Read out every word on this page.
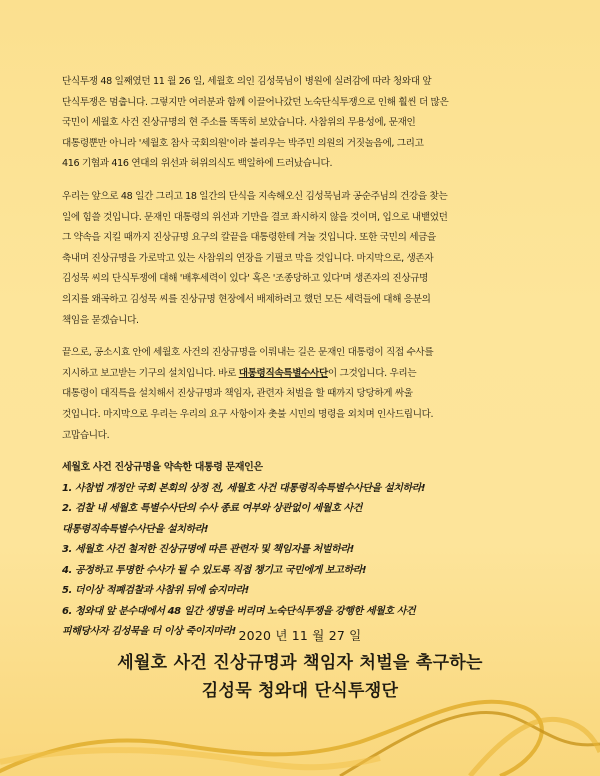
단식투쟁 48 일째였던 11 월 26 일, 세월호 의인 김성묵님이 병원에 실려감에 따라 청와대 앞
단식투쟁은 멈춥니다. 그렇지만 여러분과 함께 이끌어나갔던 노숙단식투쟁으로 인해 훨씬 더 많은
국민이 세월호 사건 진상규명의 현 주소를 똑똑히 보았습니다. 사참위의 무용성에, 문재인
대통령뿐만 아니라 '세월호 참사 국회의원'이라 불리우는 박주민 의원의 거짓놀음에, 그리고
416 기협과 416 연대의 위선과 허위의식도 백일하에 드러났습니다.

우리는 앞으로 48 일간 그리고 18 일간의 단식을 지속해오신 김성묵님과 공순주님의 건강을 찾는
일에 힘쓸 것입니다. 문재인 대통령의 위선과 기만을 결코 좌시하지 않을 것이며, 입으로 내뱉었던
그 약속을 지킬 때까지 진상규명 요구의 칼끝을 대통령한테 겨눌 것입니다. 또한 국민의 세금을
축내며 진상규명을 가로막고 있는 사참위의 연장을 기필코 막을 것입니다. 마지막으로, 생존자
김성묵 씨의 단식투쟁에 대해 '배후세력이 있다' 혹은 '조종당하고 있다'며 생존자의 진상규명
의지를 왜곡하고 김성묵 씨를 진상규명 현장에서 배제하려고 했던 모든 세력들에 대해 응분의
책임을 묻겠습니다.

끝으로, 공소시효 안에 세월호 사건의 진상규명을 이뤄내는 길은 문재인 대통령이 직접 수사를
지시하고 보고받는 기구의 설치입니다. 바로 대통령직속특별수사단이 그것입니다. 우리는
대통령이 대직특을 설치해서 진상규명과 책임자, 관련자 처벌을 할 때까지 당당하게 싸울
것입니다. 마지막으로 우리는 우리의 요구 사항이자 촛불 시민의 명령을 외치며 인사드립니다.
고맙습니다.

세월호 사건 진상규명을 약속한 대통령 문재인은
1. 사참법 개정안 국회 본회의 상정 전, 세월호 사건 대통령직속특별수사단을 설치하라!
2. 검찰 내 세월호 특별수사단의 수사 종료 여부와 상관없이 세월호 사건
대통령직속특별수사단을 설치하라!
3. 세월호 사건 철저한 진상규명에 따른 관련자 및 책임자를 처벌하라!
4. 공정하고 투명한 수사가 될 수 있도록 직접 챙기고 국민에게 보고하라!
5. 더이상 적폐검찰과 사참위 뒤에 숨지마라!
6. 청와대 앞 분수대에서 48 일간 생명을 버리며 노숙단식투쟁을 강행한 세월호 사건
피해당사자 김성묵을 더 이상 죽이지마라! 2020 년 11 월 27 일
세월호 사건 진상규명과 책임자 처벌을 촉구하는
김성묵 청와대 단식투쟁단
